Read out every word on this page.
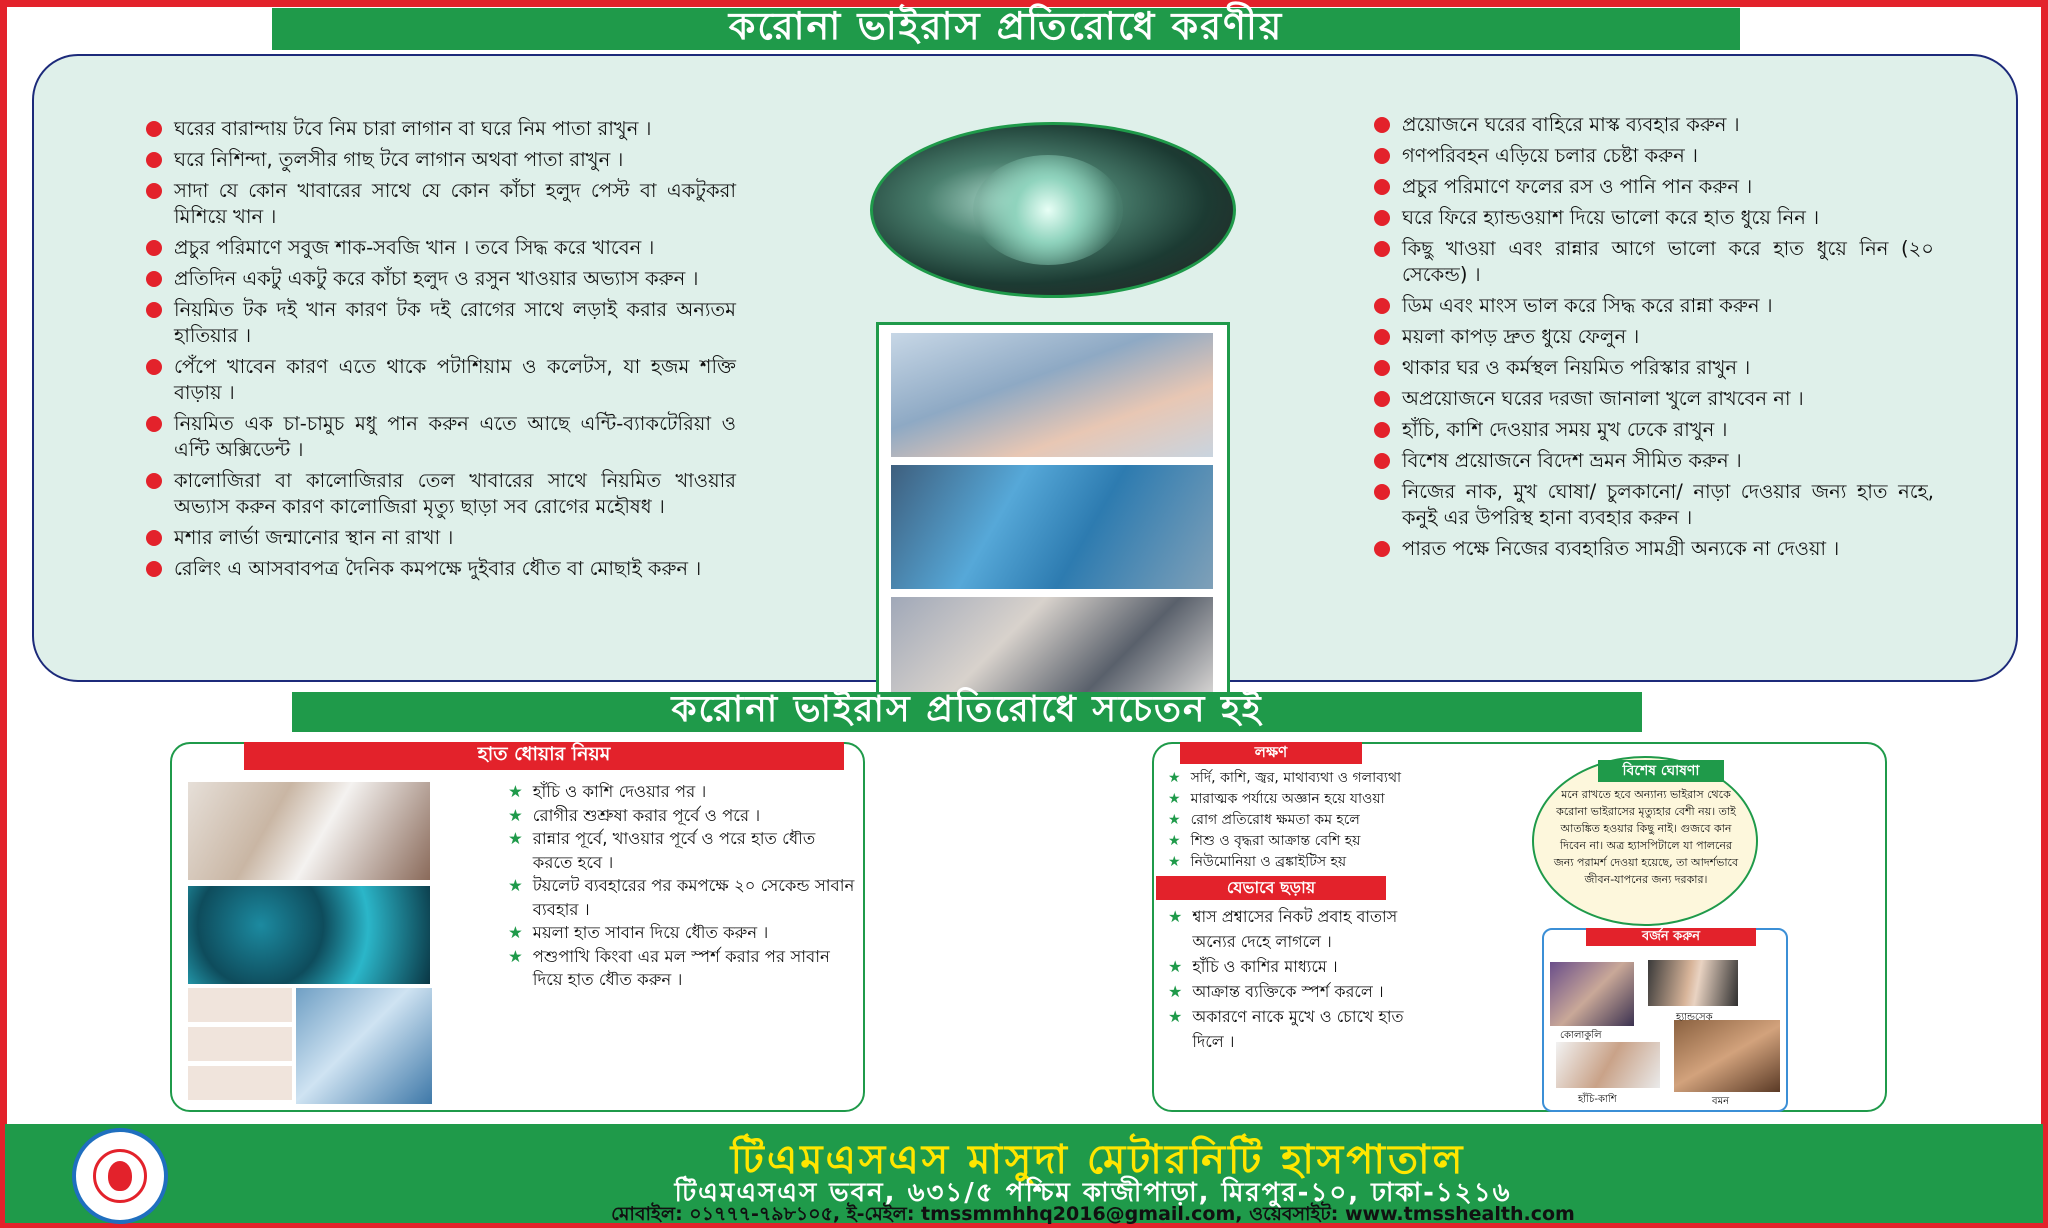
করোনা ভাইরাস প্রতিরোধে করণীয়
ঘরের বারান্দায় টবে নিম চারা লাগান বা ঘরে নিম পাতা রাখুন ।
ঘরে নিশিন্দা, তুলসীর গাছ টবে লাগান অথবা পাতা রাখুন ।
সাদা যে কোন খাবারের সাথে যে কোন কাঁচা হলুদ পেস্ট বা একটুকরা মিশিয়ে খান ।
প্রচুর পরিমাণে সবুজ শাক-সবজি খান । তবে সিদ্ধ করে খাবেন ।
প্রতিদিন একটু একটু করে কাঁচা হলুদ ও রসুন খাওয়ার অভ্যাস করুন ।
নিয়মিত টক দই খান কারণ টক দই রোগের সাথে লড়াই করার অন্যতম হাতিয়ার ।
পেঁপে খাবেন কারণ এতে থাকে পটাশিয়াম ও কলেটস, যা হজম শক্তি বাড়ায় ।
নিয়মিত এক চা-চামুচ মধু পান করুন এতে আছে এন্টি-ব্যাকটেরিয়া ও এন্টি অক্সিডেন্ট ।
কালোজিরা বা কালোজিরার তেল খাবারের সাথে নিয়মিত খাওয়ার অভ্যাস করুন কারণ কালোজিরা মৃত্যু ছাড়া সব রোগের মহৌষধ ।
মশার লার্ভা জন্মানোর স্থান না রাখা ।
রেলিং এ আসবাবপত্র দৈনিক কমপক্ষে দুইবার ধৌত বা মোছাই করুন ।
প্রয়োজনে ঘরের বাহিরে মাস্ক ব্যবহার করুন ।
গণপরিবহন এড়িয়ে চলার চেষ্টা করুন ।
প্রচুর পরিমাণে ফলের রস ও পানি পান করুন ।
ঘরে ফিরে হ্যান্ডওয়াশ দিয়ে ভালো করে হাত ধুয়ে নিন ।
কিছু খাওয়া এবং রান্নার আগে ভালো করে হাত ধুয়ে নিন (২০ সেকেন্ড) ।
ডিম এবং মাংস ভাল করে সিদ্ধ করে রান্না করুন ।
ময়লা কাপড় দ্রুত ধুয়ে ফেলুন ।
থাকার ঘর ও কর্মস্থল নিয়মিত পরিস্কার রাখুন ।
অপ্রয়োজনে ঘরের দরজা জানালা খুলে রাখবেন না ।
হাঁচি, কাশি দেওয়ার সময় মুখ ঢেকে রাখুন ।
বিশেষ প্রয়োজনে বিদেশ ভ্রমন সীমিত করুন ।
নিজের নাক, মুখ ঘোষা/ চুলকানো/ নাড়া দেওয়ার জন্য হাত নহে, কনুই এর উপরিস্থ হানা ব্যবহার করুন ।
পারত পক্ষে নিজের ব্যবহারিত সামগ্রী অন্যকে না দেওয়া ।
করোনা ভাইরাস প্রতিরোধে সচেতন হই
হাত ধোয়ার নিয়ম
★ হাঁচি ও কাশি দেওয়ার পর ।
★ রোগীর শুশ্রুষা করার পূর্বে ও পরে ।
★ রান্নার পূর্বে, খাওয়ার পূর্বে ও পরে হাত ধৌত করতে হবে ।
★ টয়লেট ব্যবহারের পর কমপক্ষে ২০ সেকেন্ড সাবান ব্যবহার ।
★ ময়লা হাত সাবান দিয়ে ধৌত করুন ।
★ পশুপাখি কিংবা এর মল স্পর্শ করার পর সাবান দিয়ে হাত ধৌত করুন ।
লক্ষণ
★ সর্দি, কাশি, জ্বর, মাথাব্যথা ও গলাব্যথা
★ মারাত্মক পর্যায়ে অজ্ঞান হয়ে যাওয়া
★ রোগ প্রতিরোধ ক্ষমতা কম হলে
★ শিশু ও বৃদ্ধরা আক্রান্ত বেশি হয়
★ নিউমোনিয়া ও ব্রঙ্কাইটিস হয়
যেভাবে ছড়ায়
★ শ্বাস প্রশ্বাসের নিকট প্রবাহ বাতাস অন্যের দেহে লাগলে ।
★ হাঁচি ও কাশির মাধ্যমে ।
★ আক্রান্ত ব্যক্তিকে স্পর্শ করলে ।
★ অকারণে নাকে মুখে ও চোখে হাত দিলে ।
বিশেষ ঘোষণা
মনে রাখতে হবে অন্যান্য ভাইরাস থেকে করোনা ভাইরাসের মৃত্যুহার বেশী নয়। তাই আতঙ্কিত হওয়ার কিছু নাই। গুজবে কান দিবেন না। অত্র হ্যাসপিটালে যা পালনের জন্য পরামর্শ দেওয়া হয়েছে, তা আদর্শভাবে জীবন-যাপনের জন্য দরকার।
বর্জন করুন
হ্যান্ডসেক
কোলাকুলি
হাঁচি-কাশি	বমন
টিএমএসএস মাসুদা মেটারনিটি হাসপাতাল
টিএমএসএস ভবন, ৬৩১/৫ পশ্চিম কাজীপাড়া, মিরপুর-১০, ঢাকা-১২১৬
মোবাইল: ০১৭৭৭-৭৯৮১০৫, ই-মেইল: tmssmmhhq2016@gmail.com, ওয়েবসাইট: www.tmsshealth.com
